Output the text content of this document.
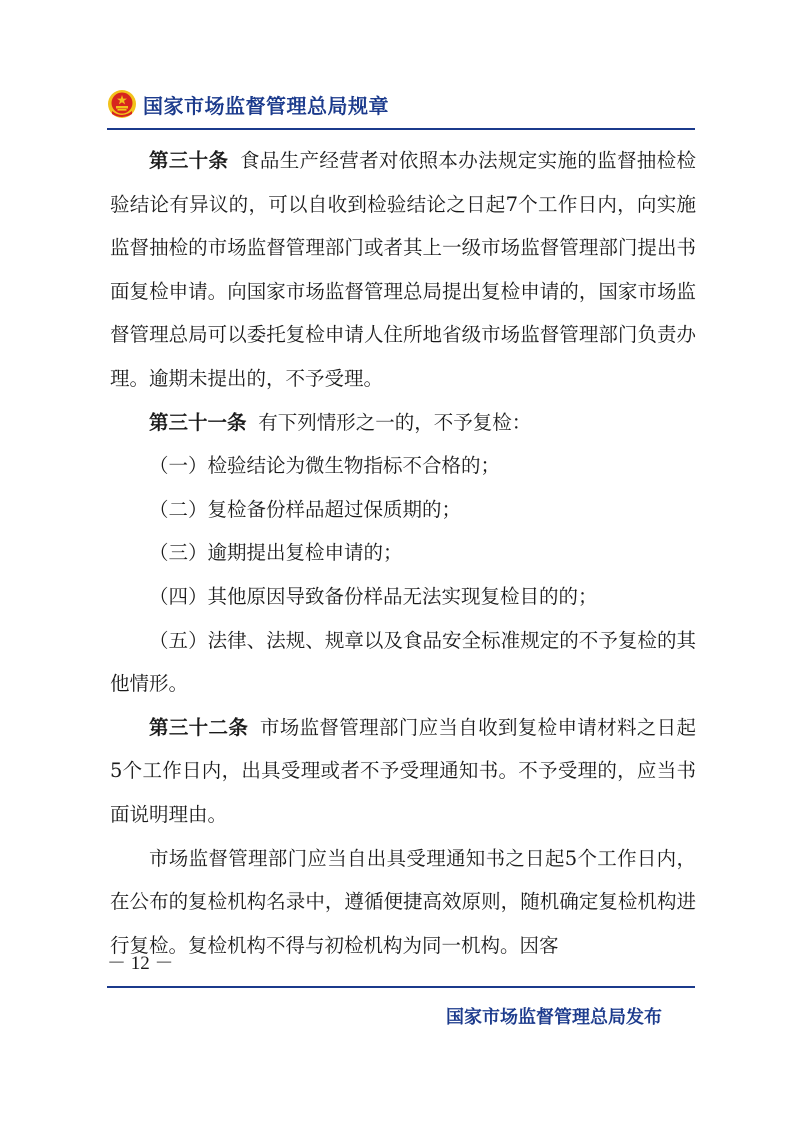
国家市场监督管理总局规章

第三十条 食品生产经营者对依照本办法规定实施的监督抽检检验结论有异议的，可以自收到检验结论之日起7个工作日内，向实施监督抽检的市场监督管理部门或者其上一级市场监督管理部门提出书面复检申请。向国家市场监督管理总局提出复检申请的，国家市场监督管理总局可以委托复检申请人住所地省级市场监督管理部门负责办理。逾期未提出的，不予受理。

第三十一条 有下列情形之一的，不予复检：

（一）检验结论为微生物指标不合格的；

（二）复检备份样品超过保质期的；

（三）逾期提出复检申请的；

（四）其他原因导致备份样品无法实现复检目的的；

（五）法律、法规、规章以及食品安全标准规定的不予复检的其他情形。

第三十二条 市场监督管理部门应当自收到复检申请材料之日起5个工作日内，出具受理或者不予受理通知书。不予受理的，应当书面说明理由。

市场监督管理部门应当自出具受理通知书之日起5个工作日内，在公布的复检机构名录中，遵循便捷高效原则，随机确定复检机构进行复检。复检机构不得与初检机构为同一机构。因客

－ 12 －
国家市场监督管理总局发布
